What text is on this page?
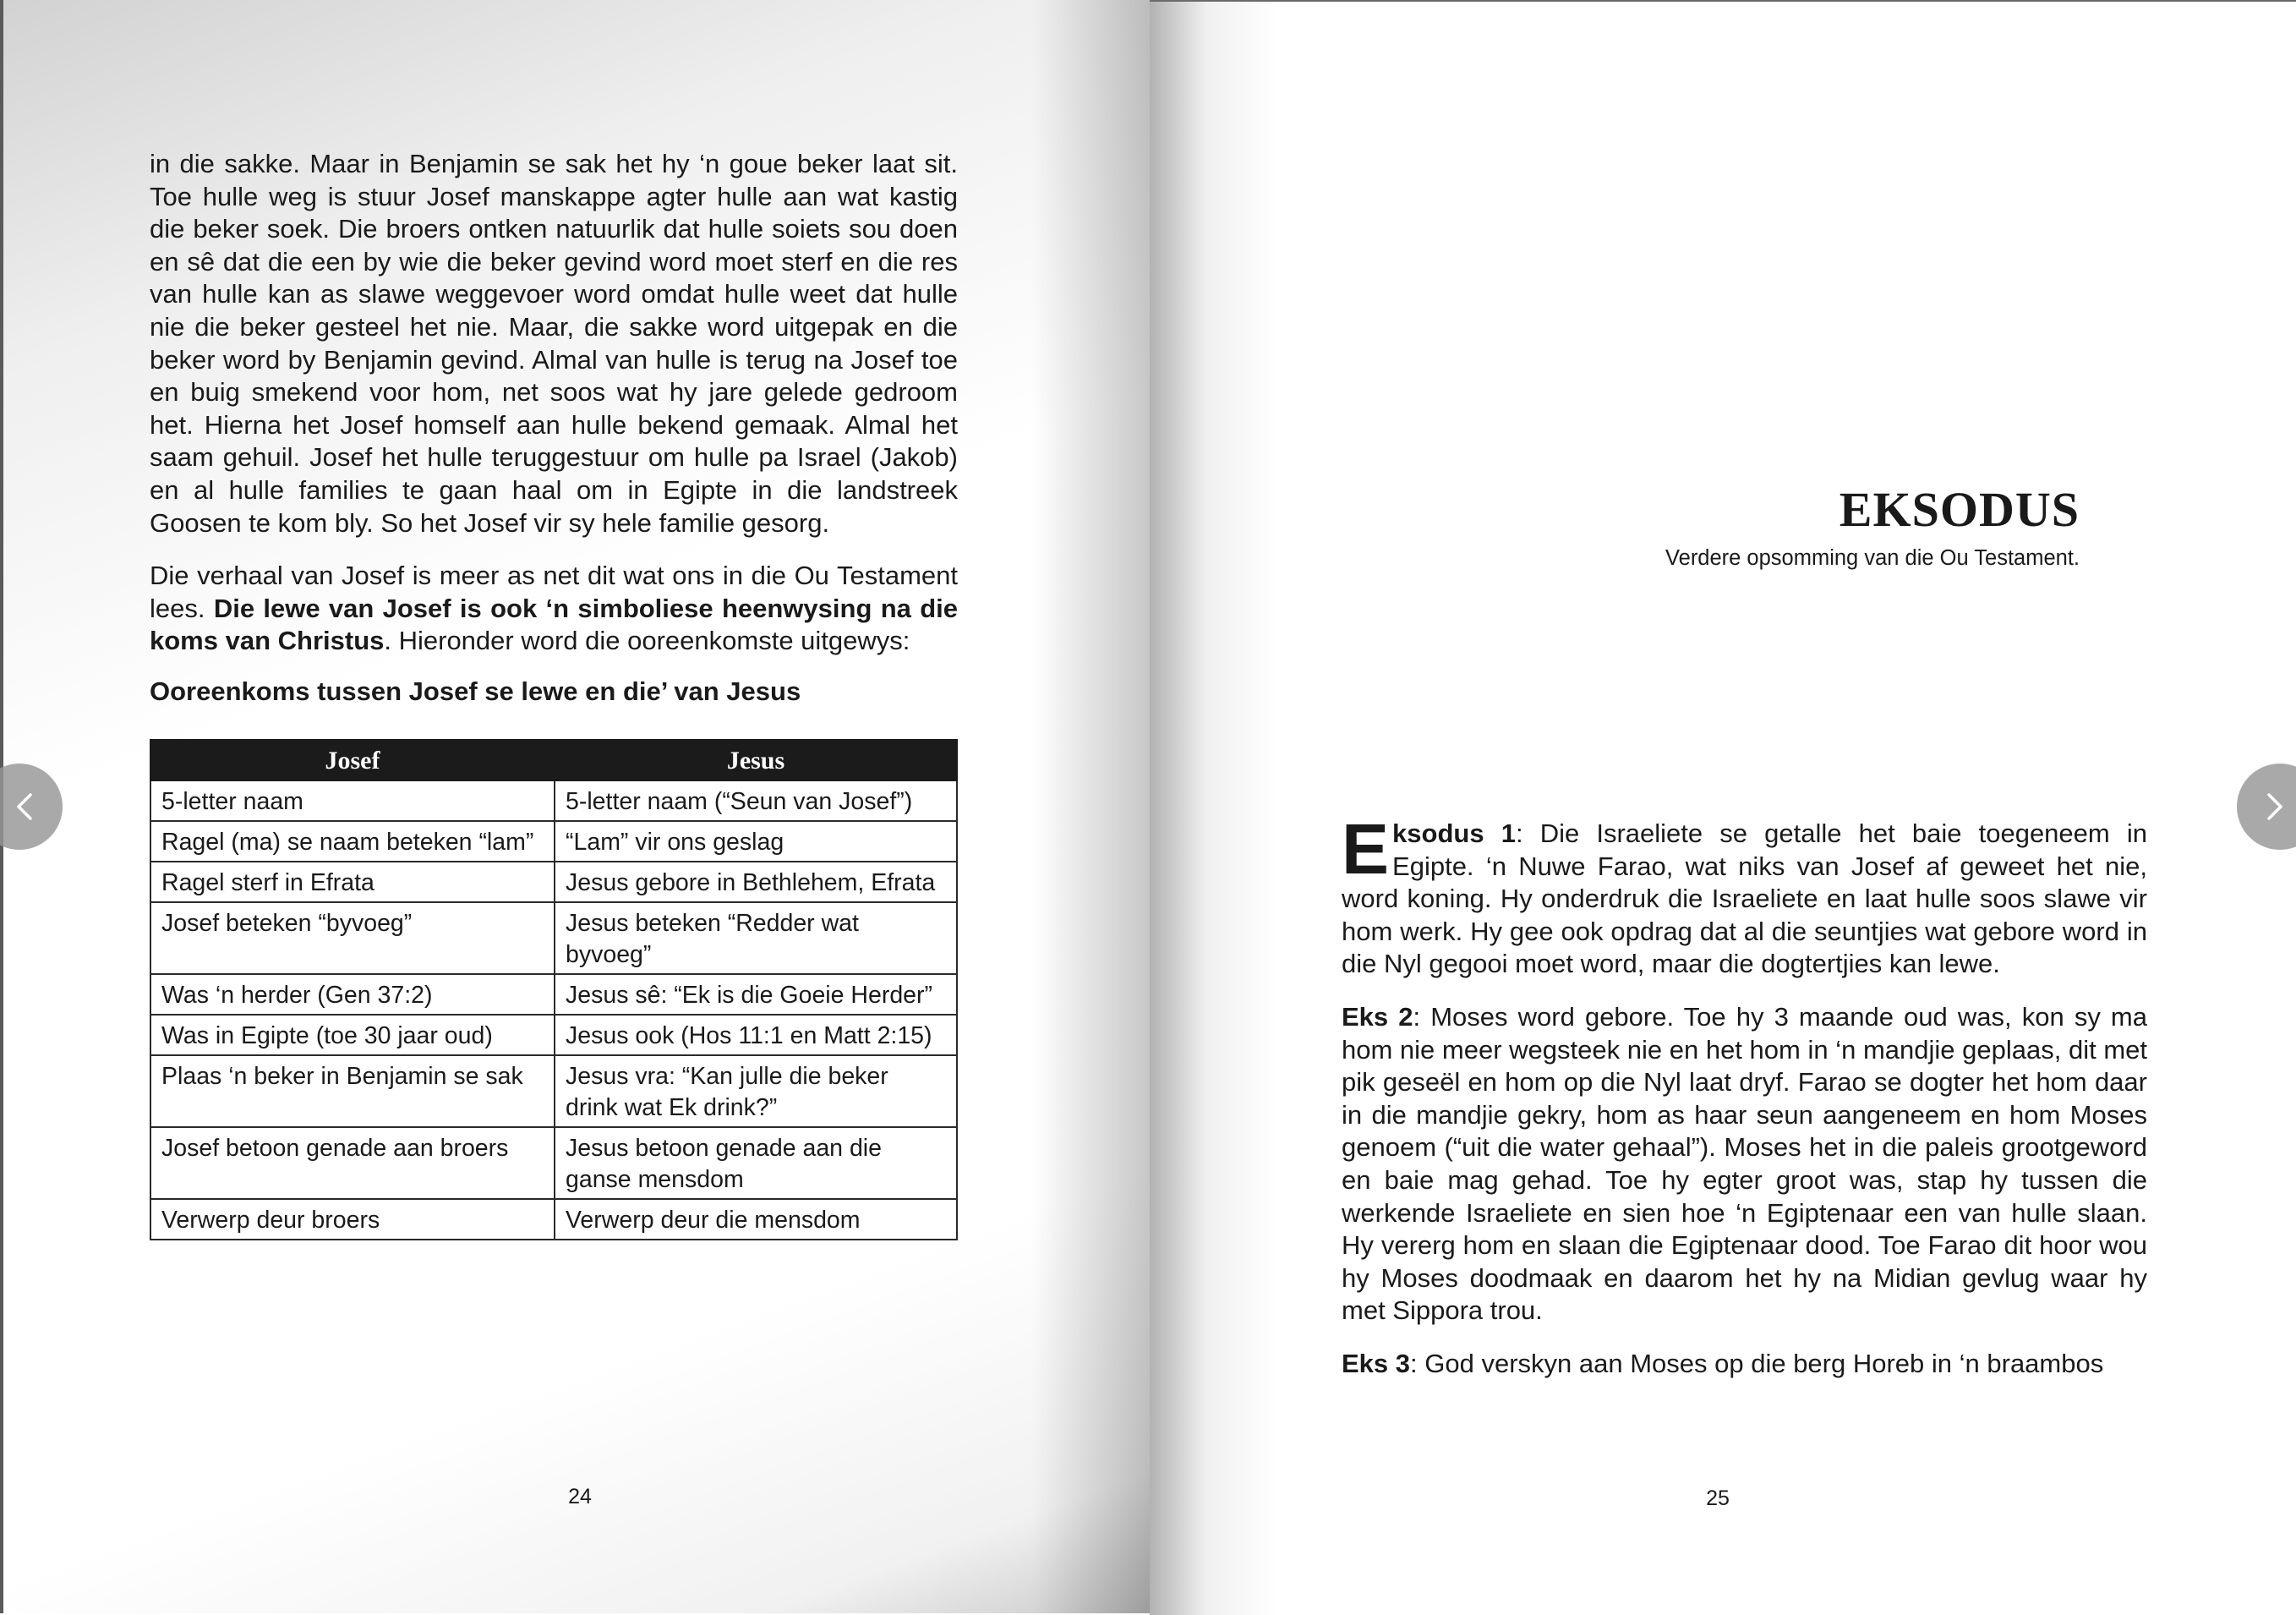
in die sakke. Maar in Benjamin se sak het hy ‘n goue beker laat sit. Toe hulle weg is stuur Josef manskappe agter hulle aan wat kastig die beker soek. Die broers ontken natuurlik dat hulle soiets sou doen en sê dat die een by wie die beker gevind word moet sterf en die res van hulle kan as slawe weggevoer word omdat hulle weet dat hulle nie die beker gesteel het nie. Maar, die sakke word uitgepak en die beker word by Benjamin gevind. Almal van hulle is terug na Josef toe en buig smekend voor hom, net soos wat hy jare gelede gedroom het. Hierna het Josef homself aan hulle bekend gemaak. Almal het saam gehuil. Josef het hulle teruggestuur om hulle pa Israel (Jakob) en al hulle families te gaan haal om in Egipte in die landstreek Goosen te kom bly. So het Josef vir sy hele familie gesorg.

Die verhaal van Josef is meer as net dit wat ons in die Ou Testament lees. Die lewe van Josef is ook ‘n simboliese heenwysing na die koms van Christus. Hieronder word die ooreenkomste uitgewys:

Ooreenkoms tussen Josef se lewe en die’ van Jesus
Josef	Jesus
5-letter naam	5-letter naam (“Seun van Josef”)
Ragel (ma) se naam beteken “lam”	“Lam” vir ons geslag
Ragel sterf in Efrata	Jesus gebore in Bethlehem, Efrata
Josef beteken “byvoeg”	Jesus beteken “Redder wat byvoeg”
Was ‘n herder (Gen 37:2)	Jesus sê: “Ek is die Goeie Herder”
Was in Egipte (toe 30 jaar oud)	Jesus ook (Hos 11:1 en Matt 2:15)
Plaas ‘n beker in Benjamin se sak	Jesus vra: “Kan julle die beker drink wat Ek drink?”
Josef betoon genade aan broers	Jesus betoon genade aan die ganse mensdom
Verwerp deur broers	Verwerp deur die mensdom
24
EKSODUS
Verdere opsomming van die Ou Testament.

Eksodus 1: Die Israeliete se getalle het baie toegeneem in Egipte. ‘n Nuwe Farao, wat niks van Josef af geweet het nie, word koning. Hy onderdruk die Israeliete en laat hulle soos slawe vir hom werk. Hy gee ook opdrag dat al die seuntjies wat gebore word in die Nyl gegooi moet word, maar die dogtertjies kan lewe.

Eks 2: Moses word gebore. Toe hy 3 maande oud was, kon sy ma hom nie meer wegsteek nie en het hom in ‘n mandjie geplaas, dit met pik geseël en hom op die Nyl laat dryf. Farao se dogter het hom daar in die mandjie gekry, hom as haar seun aangeneem en hom Moses genoem (“uit die water gehaal”). Moses het in die paleis grootgeword en baie mag gehad. Toe hy egter groot was, stap hy tussen die werkende Israeliete en sien hoe ‘n Egiptenaar een van hulle slaan. Hy vererg hom en slaan die Egiptenaar dood. Toe Farao dit hoor wou hy Moses doodmaak en daarom het hy na Midian gevlug waar hy met Sippora trou.

Eks 3: God verskyn aan Moses op die berg Horeb in ‘n braambos

25
